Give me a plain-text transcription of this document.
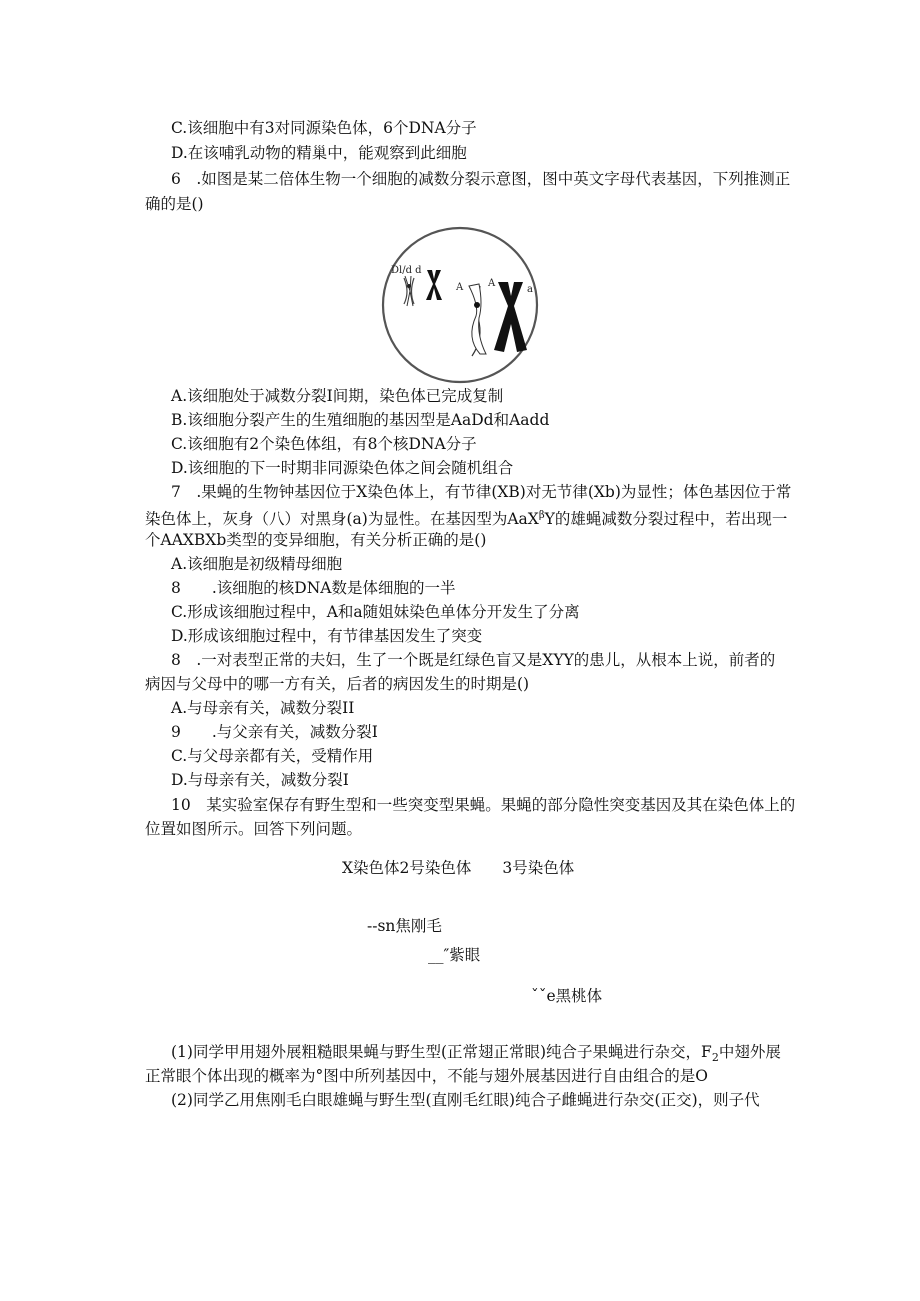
C.该细胞中有3对同源染色体，6个DNA分子
D.在该哺乳动物的精巢中，能观察到此细胞
6　.如图是某二倍体生物一个细胞的减数分裂示意图，图中英文字母代表基因，下列推测正
确的是()
Dl/d d
A A
a
A.该细胞处于减数分裂I间期，染色体已完成复制
B.该细胞分裂产生的生殖细胞的基因型是AaDd和Aadd
C.该细胞有2个染色体组，有8个核DNA分子
D.该细胞的下一时期非同源染色体之间会随机组合
7　.果蝇的生物钟基因位于X染色体上，有节律(XB)对无节律(Xb)为显性；体色基因位于常
染色体上，灰身（八）对黑身(a)为显性。在基因型为AaX$^\beta$Y的雄蝇减数分裂过程中，若出现一
个AAXBXb类型的变异细胞，有关分析正确的是()
A.该细胞是初级精母细胞
8　　.该细胞的核DNA数是体细胞的一半
C.形成该细胞过程中，A和a随姐妹染色单体分开发生了分离
D.形成该细胞过程中，有节律基因发生了突变
8　.一对表型正常的夫妇，生了一个既是红绿色盲又是XYY的患儿，从根本上说，前者的
病因与父母中的哪一方有关，后者的病因发生的时期是()
A.与母亲有关，减数分裂II
9　　.与父亲有关，减数分裂I
C.与父母亲都有关，受精作用
D.与母亲有关，减数分裂I
10　某实验室保存有野生型和一些突变型果蝇。果蝇的部分隐性突变基因及其在染色体上的
位置如图所示。回答下列问题。
X染色体2号染色体　　3号染色体
--sn焦刚毛
__″紫眼
ˇˇe黑桃体
(1)同学甲用翅外展粗糙眼果蝇与野生型(正常翅正常眼)纯合子果蝇进行杂交，$F_2$中翅外展
正常眼个体出现的概率为°图中所列基因中，不能与翅外展基因进行自由组合的是O
(2)同学乙用焦刚毛白眼雄蝇与野生型(直刚毛红眼)纯合子雌蝇进行杂交(正交)，则子代
